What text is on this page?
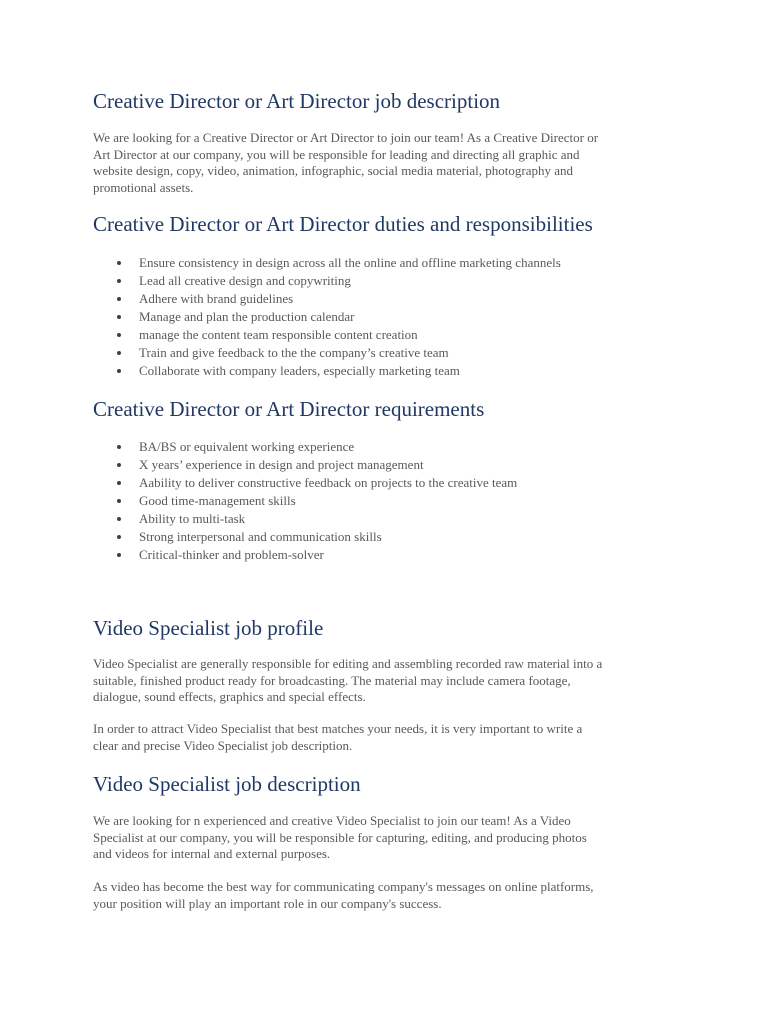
Creative Director or Art Director job description

We are looking for a Creative Director or Art Director to join our team! As a Creative Director or

Art Director at our company, you will be responsible for leading and directing all graphic and

website design, copy, video, animation, infographic, social media material, photography and

promotional assets.

Creative Director or Art Director duties and responsibilities
Ensure consistency in design across all the online and offline marketing channels
Lead all creative design and copywriting
Adhere with brand guidelines
Manage and plan the production calendar
manage the content team responsible content creation
Train and give feedback to the the company’s creative team
Collaborate with company leaders, especially marketing team
Creative Director or Art Director requirements
BA/BS or equivalent working experience
X years’ experience in design and project management
Aability to deliver constructive feedback on projects to the creative team
Good time-management skills
Ability to multi-task
Strong interpersonal and communication skills
Critical-thinker and problem-solver
Video Specialist job profile

Video Specialist are generally responsible for editing and assembling recorded raw material into a

suitable, finished product ready for broadcasting. The material may include camera footage,

dialogue, sound effects, graphics and special effects.

In order to attract Video Specialist that best matches your needs, it is very important to write a

clear and precise Video Specialist job description.

Video Specialist job description

We are looking for n experienced and creative Video Specialist to join our team! As a Video

Specialist at our company, you will be responsible for capturing, editing, and producing photos

and videos for internal and external purposes.

As video has become the best way for communicating company's messages on online platforms,

your position will play an important role in our company's success.
